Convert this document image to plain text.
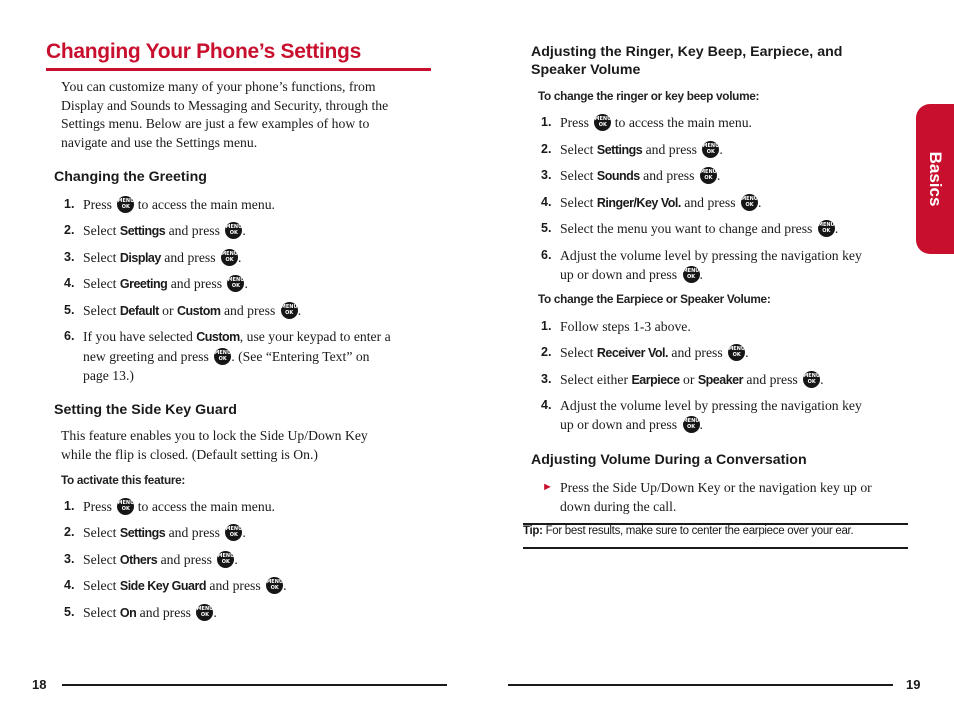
Changing Your Phone’s Settings
You can customize many of your phone’s functions, from
Display and Sounds to Messaging and Security, through the
Settings menu. Below are just a few examples of how to
navigate and use the Settings menu.
Changing the Greeting
1. Press MENU
OK to access the main menu.
2. Select Settings and press MENU
OK .
3. Select Display and press MENU
OK .
4. Select Greeting and press MENU
OK .
5. Select Default or Custom and press MENU
OK .
6. If you have selected Custom, use your keypad to enter a
new greeting and press MENU
OK . (See “Entering Text” on
page 13.)
Setting the Side Key Guard
This feature enables you to lock the Side Up/Down Key
while the flip is closed. (Default setting is On.)
To activate this feature:
1. Press MENU
OK to access the main menu.
2. Select Settings and press MENU
OK .
3. Select Others and press MENU
OK .
4. Select Side Key Guard and press MENU
OK .
5. Select On and press MENU
OK .
18
Adjusting the Ringer, Key Beep, Earpiece, and
Speaker Volume
To change the ringer or key beep volume:
1. Press MENU
OK to access the main menu.
2. Select Settings and press MENU
OK .
3. Select Sounds and press MENU
OK .
4. Select Ringer/Key Vol. and press MENU
OK .
5. Select the menu you want to change and press MENU
OK .
6. Adjust the volume level by pressing the navigation key
up or down and press MENU
OK .
To change the Earpiece or Speaker Volume:
1. Follow steps 1-3 above.
2. Select Receiver Vol. and press MENU
OK .
3. Select either Earpiece or Speaker and press MENU
OK .
4. Adjust the volume level by pressing the navigation key
up or down and press MENU
OK .
Adjusting Volume During a Conversation
► Press the Side Up/Down Key or the navigation key up or
down during the call.
Tip: For best results, make sure to center the earpiece over your ear.
19
Basics
